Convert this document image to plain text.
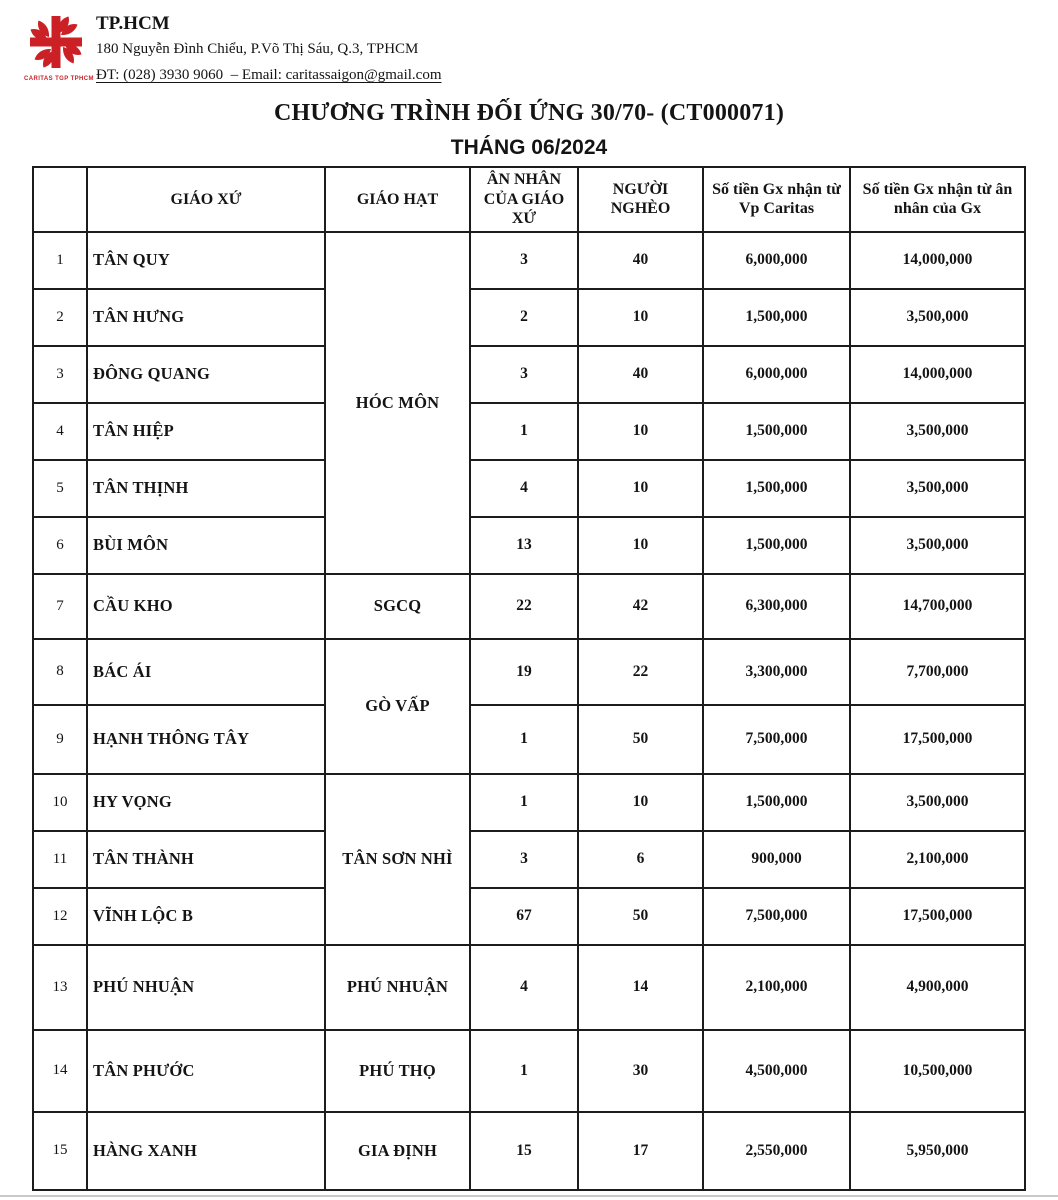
CARITAS TGP TPHCM
TP.HCM
180 Nguyễn Đình Chiểu, P.Võ Thị Sáu, Q.3, TPHCM
ĐT: (028) 3930 9060  – Email: caritassaigon@gmail.com
CHƯƠNG TRÌNH ĐỐI ỨNG 30/70- (CT000071)
THÁNG 06/2024
	GIÁO XỨ	GIÁO HẠT	ÂN NHÂN CỦA GIÁO XỨ	NGƯỜI NGHÈO	Số tiền Gx nhận từ Vp Caritas	Số tiền Gx nhận từ ân nhân của Gx
1	TÂN QUY	HÓC MÔN	3	40	6,000,000	14,000,000
2	TÂN HƯNG		2	10	1,500,000	3,500,000
3	ĐÔNG QUANG		3	40	6,000,000	14,000,000
4	TÂN HIỆP		1	10	1,500,000	3,500,000
5	TÂN THỊNH		4	10	1,500,000	3,500,000
6	BÙI MÔN		13	10	1,500,000	3,500,000
7	CẦU KHO	SGCQ	22	42	6,300,000	14,700,000
8	BÁC ÁI	GÒ VẤP	19	22	3,300,000	7,700,000
9	HẠNH THÔNG TÂY		1	50	7,500,000	17,500,000
10	HY VỌNG	TÂN SƠN NHÌ	1	10	1,500,000	3,500,000
11	TÂN THÀNH		3	6	900,000	2,100,000
12	VĨNH LỘC B		67	50	7,500,000	17,500,000
13	PHÚ NHUẬN	PHÚ NHUẬN	4	14	2,100,000	4,900,000
14	TÂN PHƯỚC	PHÚ THỌ	1	30	4,500,000	10,500,000
15	HÀNG XANH	GIA ĐỊNH	15	17	2,550,000	5,950,000
